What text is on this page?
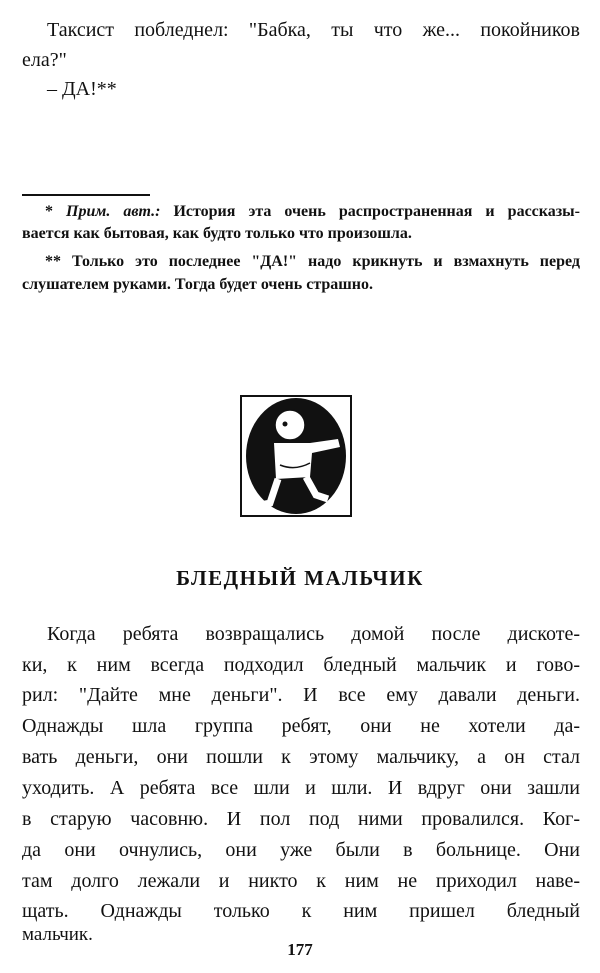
Таксист побледнел: "Бабка, ты что же... покойников
ела?"
– ДА!**
* Прим. авт.: История эта очень распространенная и рассказы-
вается как бытовая, как будто только что произошла.
** Только это последнее "ДА!" надо крикнуть и взмахнуть перед
слушателем руками. Тогда будет очень страшно.
БЛЕДНЫЙ МАЛЬЧИК
Когда ребята возвращались домой после дискоте-
ки, к ним всегда подходил бледный мальчик и гово-
рил: "Дайте мне деньги". И все ему давали деньги.
Однажды шла группа ребят, они не хотели да-
вать деньги, они пошли к этому мальчику, а он стал
уходить. А ребята все шли и шли. И вдруг они зашли
в старую часовню. И пол под ними провалился. Ког-
да они очнулись, они уже были в больнице. Они
там долго лежали и никто к ним не приходил наве-
щать. Однажды только к ним пришел бледный
мальчик.
177
